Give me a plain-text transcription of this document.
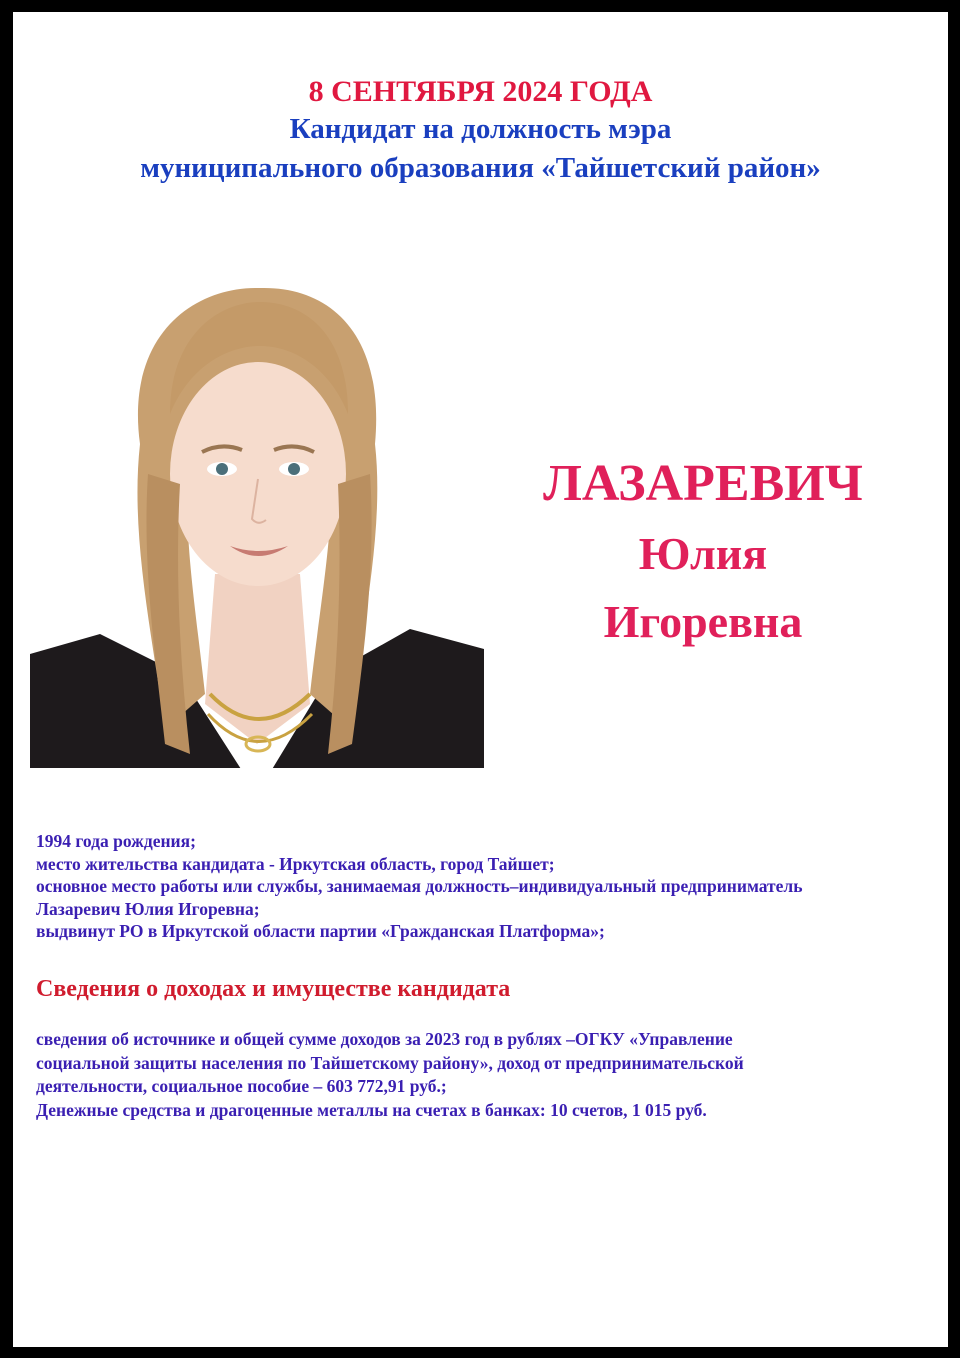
8 СЕНТЯБРЯ 2024 ГОДА
Кандидат на должность мэра
муниципального образования «Тайшетский район»
ЛАЗАРЕВИЧ
Юлия
Игоревна
1994 года рождения;
место жительства кандидата - Иркутская область, город Тайшет;
основное место работы или службы, занимаемая должность–индивидуальный предприниматель
Лазаревич Юлия Игоревна;
выдвинут РО в Иркутской области партии «Гражданская Платформа»;
Сведения о доходах и имуществе кандидата
сведения об источнике и общей сумме доходов за 2023 год в рублях –ОГКУ «Управление
социальной защиты населения по Тайшетскому району», доход от предпринимательской
деятельности, социальное пособие – 603 772,91 руб.;
Денежные средства и драгоценные металлы на счетах в банках: 10 счетов, 1 015 руб.
